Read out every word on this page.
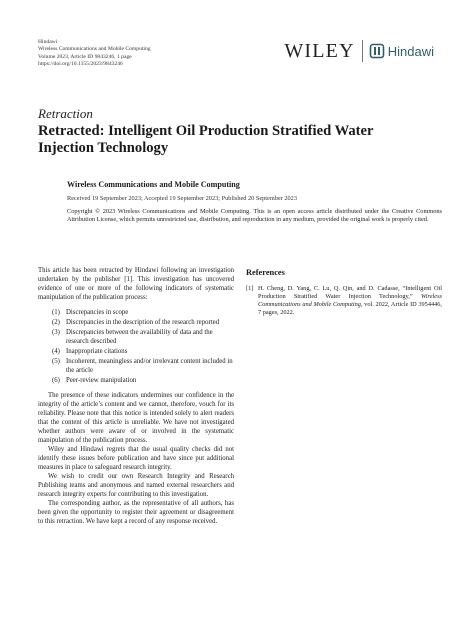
Hindawi
Wireless Communications and Mobile Computing
Volume 2023, Article ID 9843246, 1 page
https://doi.org/10.1155/2023/9843246
WILEY	Hindawi
Retraction
Retracted: Intelligent Oil Production Stratified Water Injection Technology
Wireless Communications and Mobile Computing
Received 19 September 2023; Accepted 19 September 2023; Published 20 September 2023
Copyright © 2023 Wireless Communications and Mobile Computing. This is an open access article distributed under the Creative Commons Attribution License, which permits unrestricted use, distribution, and reproduction in any medium, provided the original work is properly cited.

This article has been retracted by Hindawi following an investigation undertaken by the publisher [1]. This investigation has uncovered evidence of one or more of the following indicators of systematic manipulation of the publication process:

(1) Discrepancies in scope
(2) Discrepancies in the description of the research reported
(3) Discrepancies between the availability of data and the research described
(4) Inappropriate citations
(5) Incoherent, meaningless and/or irrelevant content included in the article
(6) Peer-review manipulation

The presence of these indicators undermines our confidence in the integrity of the article’s content and we cannot, therefore, vouch for its reliability. Please note that this notice is intended solely to alert readers that the content of this article is unreliable. We have not investigated whether authors were aware of or involved in the systematic manipulation of the publication process.

Wiley and Hindawi regrets that the usual quality checks did not identify these issues before publication and have since put additional measures in place to safeguard research integrity.

We wish to credit our own Research Integrity and Research Publishing teams and anonymous and named external researchers and research integrity experts for contributing to this investigation.

The corresponding author, as the representative of all authors, has been given the opportunity to register their agreement or disagreement to this retraction. We have kept a record of any response received.

References
[1] H. Cheng, D. Yang, C. Lu, Q. Qin, and D. Cadasse, “Intelligent Oil Production Stratified Water Injection Technology,” Wireless Communications and Mobile Computing, vol. 2022, Article ID 3954446, 7 pages, 2022.
